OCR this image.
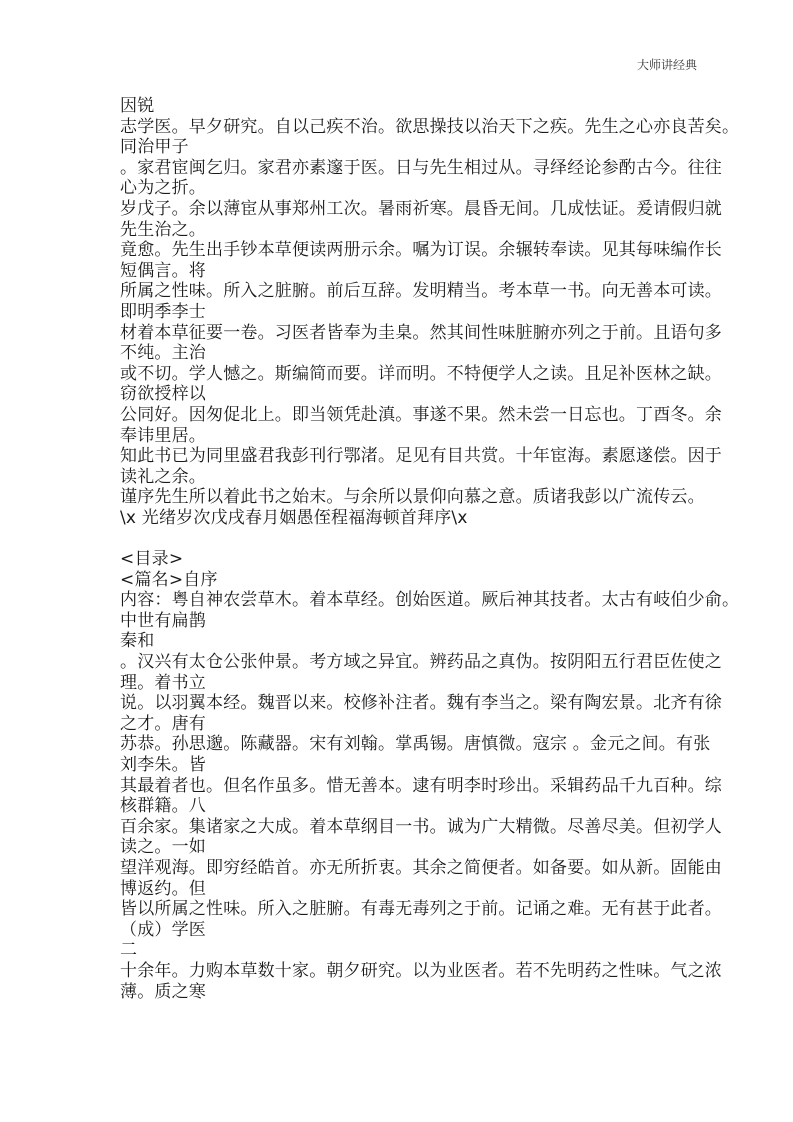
大师讲经典
因锐
志学医。早夕研究。自以己疾不治。欲思操技以治天下之疾。先生之心亦良苦矣。
同治甲子
。家君宦闽乞归。家君亦素邃于医。日与先生相过从。寻绎经论参酌古今。往往
心为之折。
岁戊子。余以薄宦从事郑州工次。暑雨祈寒。晨昏无间。几成怯证。爰请假归就
先生治之。
竟愈。先生出手钞本草便读两册示余。嘱为订误。余辗转奉读。见其每味编作长
短偶言。将
所属之性味。所入之脏腑。前后互辞。发明精当。考本草一书。向无善本可读。
即明季李士
材着本草征要一卷。习医者皆奉为圭臬。然其间性味脏腑亦列之于前。且语句多
不纯。主治
或不切。学人憾之。斯编简而要。详而明。不特便学人之读。且足补医林之缺。
窃欲授梓以
公同好。因匆促北上。即当领凭赴滇。事遂不果。然未尝一日忘也。丁酉冬。余
奉讳里居。
知此书已为同里盛君我彭刊行鄂渚。足见有目共赏。十年宦海。素愿遂偿。因于
读礼之余。
谨序先生所以着此书之始末。与余所以景仰向慕之意。质诸我彭以广流传云。
\x 光绪岁次戊戌春月姻愚侄程福海顿首拜序\x
<目录>
<篇名>自序
内容：粤自神农尝草木。着本草经。创始医道。厥后神其技者。太古有岐伯少俞。
中世有扁鹊
秦和
。汉兴有太仓公张仲景。考方域之异宜。辨药品之真伪。按阴阳五行君臣佐使之
理。着书立
说。以羽翼本经。魏晋以来。校修补注者。魏有李当之。梁有陶宏景。北齐有徐
之才。唐有
苏恭。孙思邈。陈藏器。宋有刘翰。掌禹锡。唐慎微。寇宗 。金元之间。有张
刘李朱。皆
其最着者也。但名作虽多。惜无善本。逮有明李时珍出。采辑药品千九百种。综
核群籍。八
百余家。集诸家之大成。着本草纲目一书。诚为广大精微。尽善尽美。但初学人
读之。一如
望洋观海。即穷经皓首。亦无所折衷。其余之简便者。如备要。如从新。固能由
博返约。但
皆以所属之性味。所入之脏腑。有毒无毒列之于前。记诵之难。无有甚于此者。
（成）学医
二
十余年。力购本草数十家。朝夕研究。以为业医者。若不先明药之性味。气之浓
薄。质之寒
